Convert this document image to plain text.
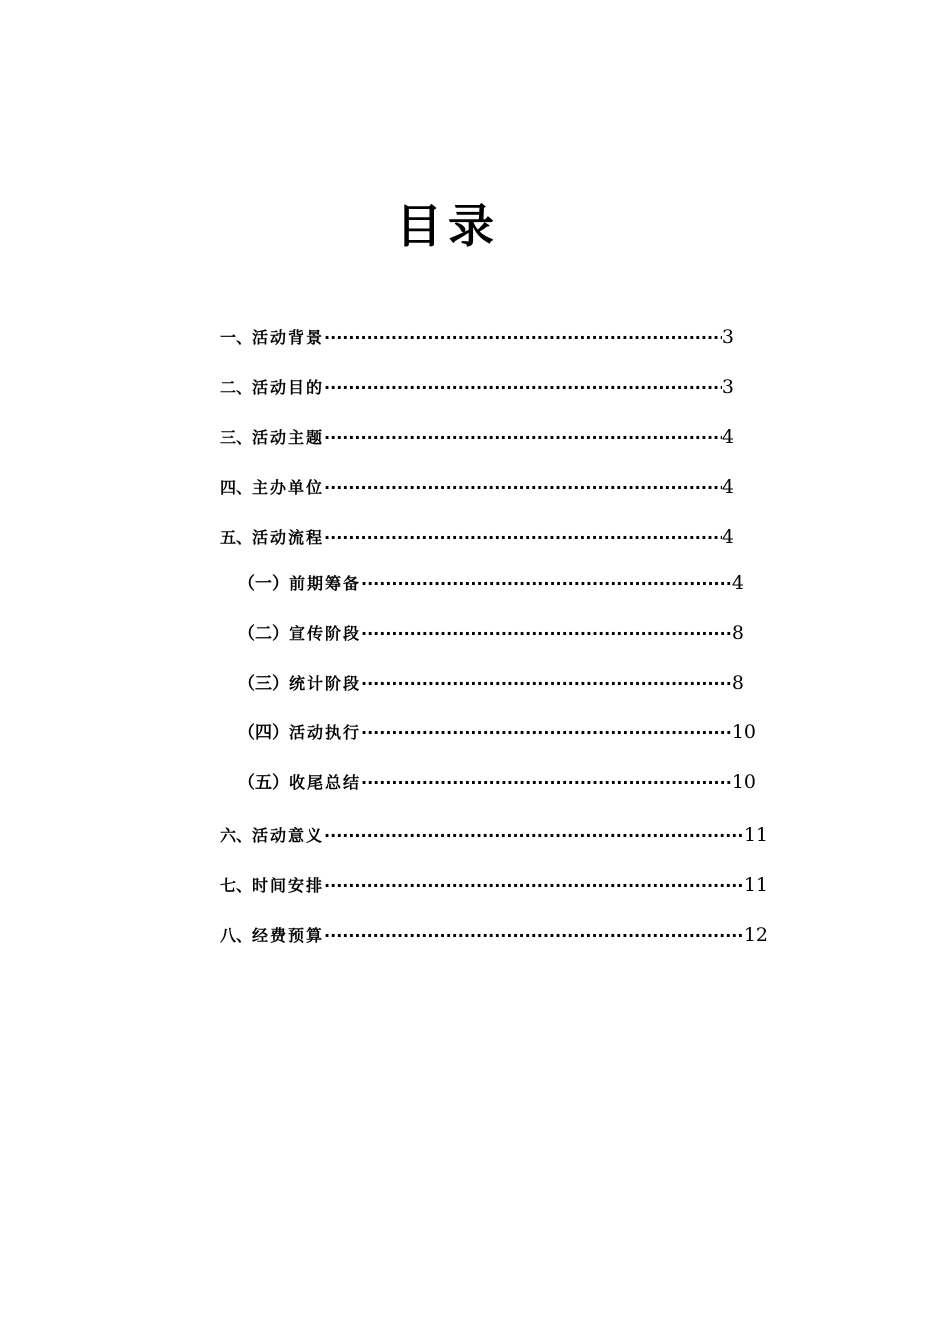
目录
一、 活动背景 ·····	3
二、 活动目的 ·····	3
三、 活动主题 ·····	4
四、 主办单位 ·····	4
五、 活动流程 ·····	4
（一） 前期筹备 ·····	4
（二） 宣传阶段 ·····	8
（三） 统计阶段 ·····	8
（四） 活动执行 ·····	10
（五） 收尾总结 ·····	10
六、 活动意义 ·····	11
七、 时间安排 ·····	11
八、 经费预算 ·····	12
